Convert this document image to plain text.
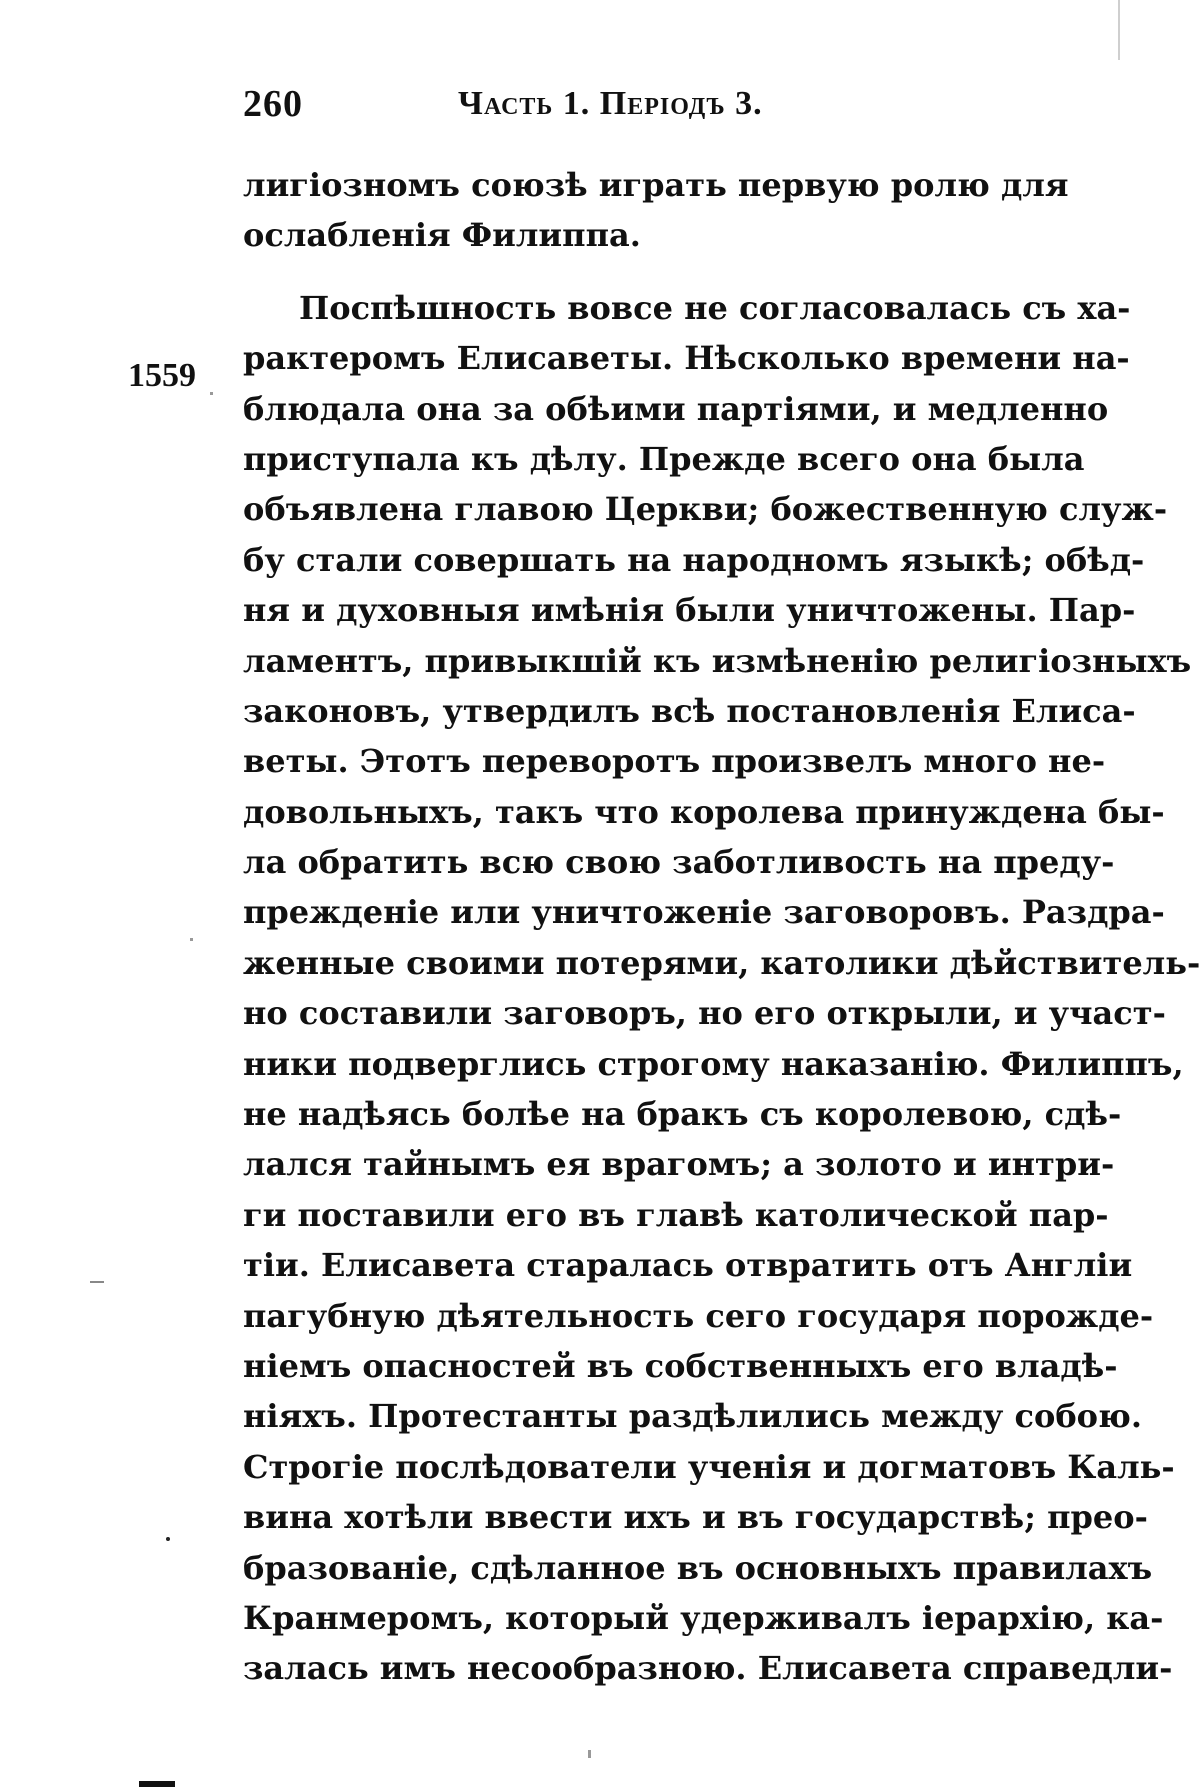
260	Часть 1. Періодъ 3.
1559
лигіозномъ союзѣ играть первую ролю для
ослабленія Филиппа.
Поспѣшность вовсе не согласовалась съ ха-
рактеромъ Елисаветы. Нѣсколько времени на-
блюдала она за обѣими партіями, и медленно
приступала къ дѣлу. Прежде всего она была
объявлена главою Церкви; божественную служ-
бу стали совершать на народномъ языкѣ; обѣд-
ня и духовныя имѣнія были уничтожены. Пар-
ламентъ, привыкшій къ измѣненію религіозныхъ
законовъ, утвердилъ всѣ постановленія Елиса-
веты. Этотъ переворотъ произвелъ много не-
довольныхъ, такъ что королева принуждена бы-
ла обратить всю свою заботливость на преду-
прежденіе или уничтоженіе заговоровъ. Раздра-
женные своими потерями, католики дѣйствитель-
но составили заговоръ, но его открыли, и участ-
ники подверглись строгому наказанію. Филиппъ,
не надѣясь болѣе на бракъ съ королевою, сдѣ-
лался тайнымъ ея врагомъ; а золото и интри-
ги поставили его въ главѣ католической пар-
тіи. Елисавета старалась отвратить отъ Англіи
пагубную дѣятельность сего государя порожде-
ніемъ опасностей въ собственныхъ его владѣ-
ніяхъ. Протестанты раздѣлились между собою.
Строгіе послѣдователи ученія и догматовъ Каль-
вина хотѣли ввести ихъ и въ государствѣ; прео-
бразованіе, сдѣланное въ основныхъ правилахъ
Кранмеромъ, который удерживалъ іерархію, ка-
залась имъ несообразною. Елисавета справедли-
